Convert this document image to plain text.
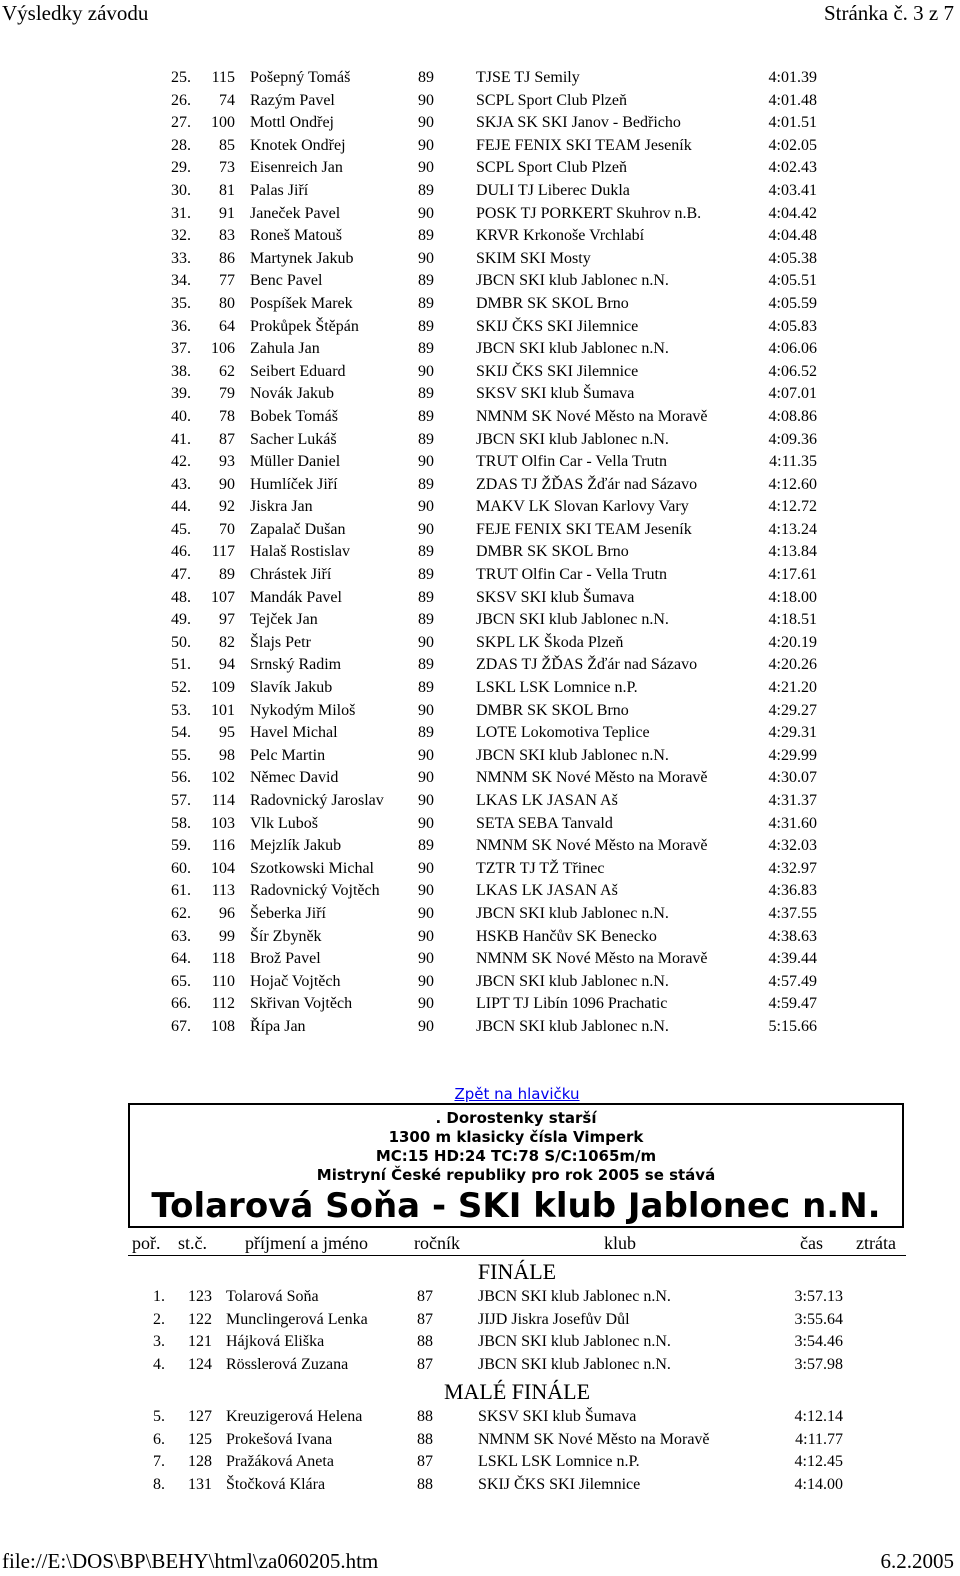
Výsledky závodu	Stránka č. 3 z 7
25.	115 Pošepný Tomáš	89	TJSE TJ Semily	4:01.39
26.	74 Razým Pavel	90	SCPL Sport Club Plzeň	4:01.48
27.	100 Mottl Ondřej	90	SKJA SK SKI Janov - Bedřicho	4:01.51
28.	85 Knotek Ondřej	90	FEJE FENIX SKI TEAM Jeseník	4:02.05
29.	73 Eisenreich Jan	90	SCPL Sport Club Plzeň	4:02.43
30.	81 Palas Jiří	89	DULI TJ Liberec Dukla	4:03.41
31.	91 Janeček Pavel	90	POSK TJ PORKERT Skuhrov n.B.	4:04.42
32.	83 Roneš Matouš	89	KRVR Krkonoše Vrchlabí	4:04.48
33.	86 Martynek Jakub	90	SKIM SKI Mosty	4:05.38
34.	77 Benc Pavel	89	JBCN SKI klub Jablonec n.N.	4:05.51
35.	80 Pospíšek Marek	89	DMBR SK SKOL Brno	4:05.59
36.	64 Prokůpek Štěpán	89	SKIJ ČKS SKI Jilemnice	4:05.83
37.	106 Zahula Jan	89	JBCN SKI klub Jablonec n.N.	4:06.06
38.	62 Seibert Eduard	90	SKIJ ČKS SKI Jilemnice	4:06.52
39.	79 Novák Jakub	89	SKSV SKI klub Šumava	4:07.01
40.	78 Bobek Tomáš	89	NMNM SK Nové Město na Moravě	4:08.86
41.	87 Sacher Lukáš	89	JBCN SKI klub Jablonec n.N.	4:09.36
42.	93 Müller Daniel	90	TRUT Olfin Car - Vella Trutn	4:11.35
43.	90 Humlíček Jiří	89	ZDAS TJ ŽĎAS Žďár nad Sázavo	4:12.60
44.	92 Jiskra Jan	90	MAKV LK Slovan Karlovy Vary	4:12.72
45.	70 Zapalač Dušan	90	FEJE FENIX SKI TEAM Jeseník	4:13.24
46.	117 Halaš Rostislav	89	DMBR SK SKOL Brno	4:13.84
47.	89 Chrástek Jiří	89	TRUT Olfin Car - Vella Trutn	4:17.61
48.	107 Mandák Pavel	89	SKSV SKI klub Šumava	4:18.00
49.	97 Tejček Jan	89	JBCN SKI klub Jablonec n.N.	4:18.51
50.	82 Šlajs Petr	90	SKPL LK Škoda Plzeň	4:20.19
51.	94 Srnský Radim	89	ZDAS TJ ŽĎAS Žďár nad Sázavo	4:20.26
52.	109 Slavík Jakub	89	LSKL LSK Lomnice n.P.	4:21.20
53.	101 Nykodým Miloš	90	DMBR SK SKOL Brno	4:29.27
54.	95 Havel Michal	89	LOTE Lokomotiva Teplice	4:29.31
55.	98 Pelc Martin	90	JBCN SKI klub Jablonec n.N.	4:29.99
56.	102 Němec David	90	NMNM SK Nové Město na Moravě	4:30.07
57.	114 Radovnický Jaroslav 90	LKAS LK JASAN Aš	4:31.37
58.	103 Vlk Luboš	90	SETA SEBA Tanvald	4:31.60
59.	116 Mejzlík Jakub	89	NMNM SK Nové Město na Moravě	4:32.03
60.	104 Szotkowski Michal	90	TZTR TJ TŽ Třinec	4:32.97
61.	113 Radovnický Vojtěch 90	LKAS LK JASAN Aš	4:36.83
62.	96 Šeberka Jiří	90	JBCN SKI klub Jablonec n.N.	4:37.55
63.	99 Šír Zbyněk	90	HSKB Hančův SK Benecko	4:38.63
64.	118 Brož Pavel	90	NMNM SK Nové Město na Moravě	4:39.44
65.	110 Hojač Vojtěch	90	JBCN SKI klub Jablonec n.N.	4:57.49
66.	112 Skřivan Vojtěch	90	LIPT TJ Libín 1096 Prachatic	4:59.47
67.	108 Řípa Jan	90	JBCN SKI klub Jablonec n.N.	5:15.66
Zpět na hlavičku
. Dorostenky starší
1300 m klasicky čísla Vimperk
MC:15 HD:24 TC:78 S/C:1065m/m
Mistryní České republiky pro rok 2005 se stává
Tolarová Soňa - SKI klub Jablonec n.N.
poř. st.č. příjmení a jméno	ročník	klub	čas ztráta
FINÁLE
1.	123 Tolarová Soňa	87	JBCN SKI klub Jablonec n.N.	3:57.13
2.	122 Munclingerová Lenka	87	JIJD Jiskra Josefův Důl	3:55.64
3.	121 Hájková Eliška	88	JBCN SKI klub Jablonec n.N.	3:54.46
4.	124 Rösslerová Zuzana	87	JBCN SKI klub Jablonec n.N.	3:57.98
MALÉ FINÁLE
5.	127 Kreuzigerová Helena	88	SKSV SKI klub Šumava	4:12.14
6.	125 Prokešová Ivana	88	NMNM SK Nové Město na Moravě	4:11.77
7.	128 Pražáková Aneta	87	LSKL LSK Lomnice n.P.	4:12.45
8.	131 Štočková Klára	88	SKIJ ČKS SKI Jilemnice	4:14.00
file://E:\DOS\BP\BEHY\html\za060205.htm	6.2.2005
